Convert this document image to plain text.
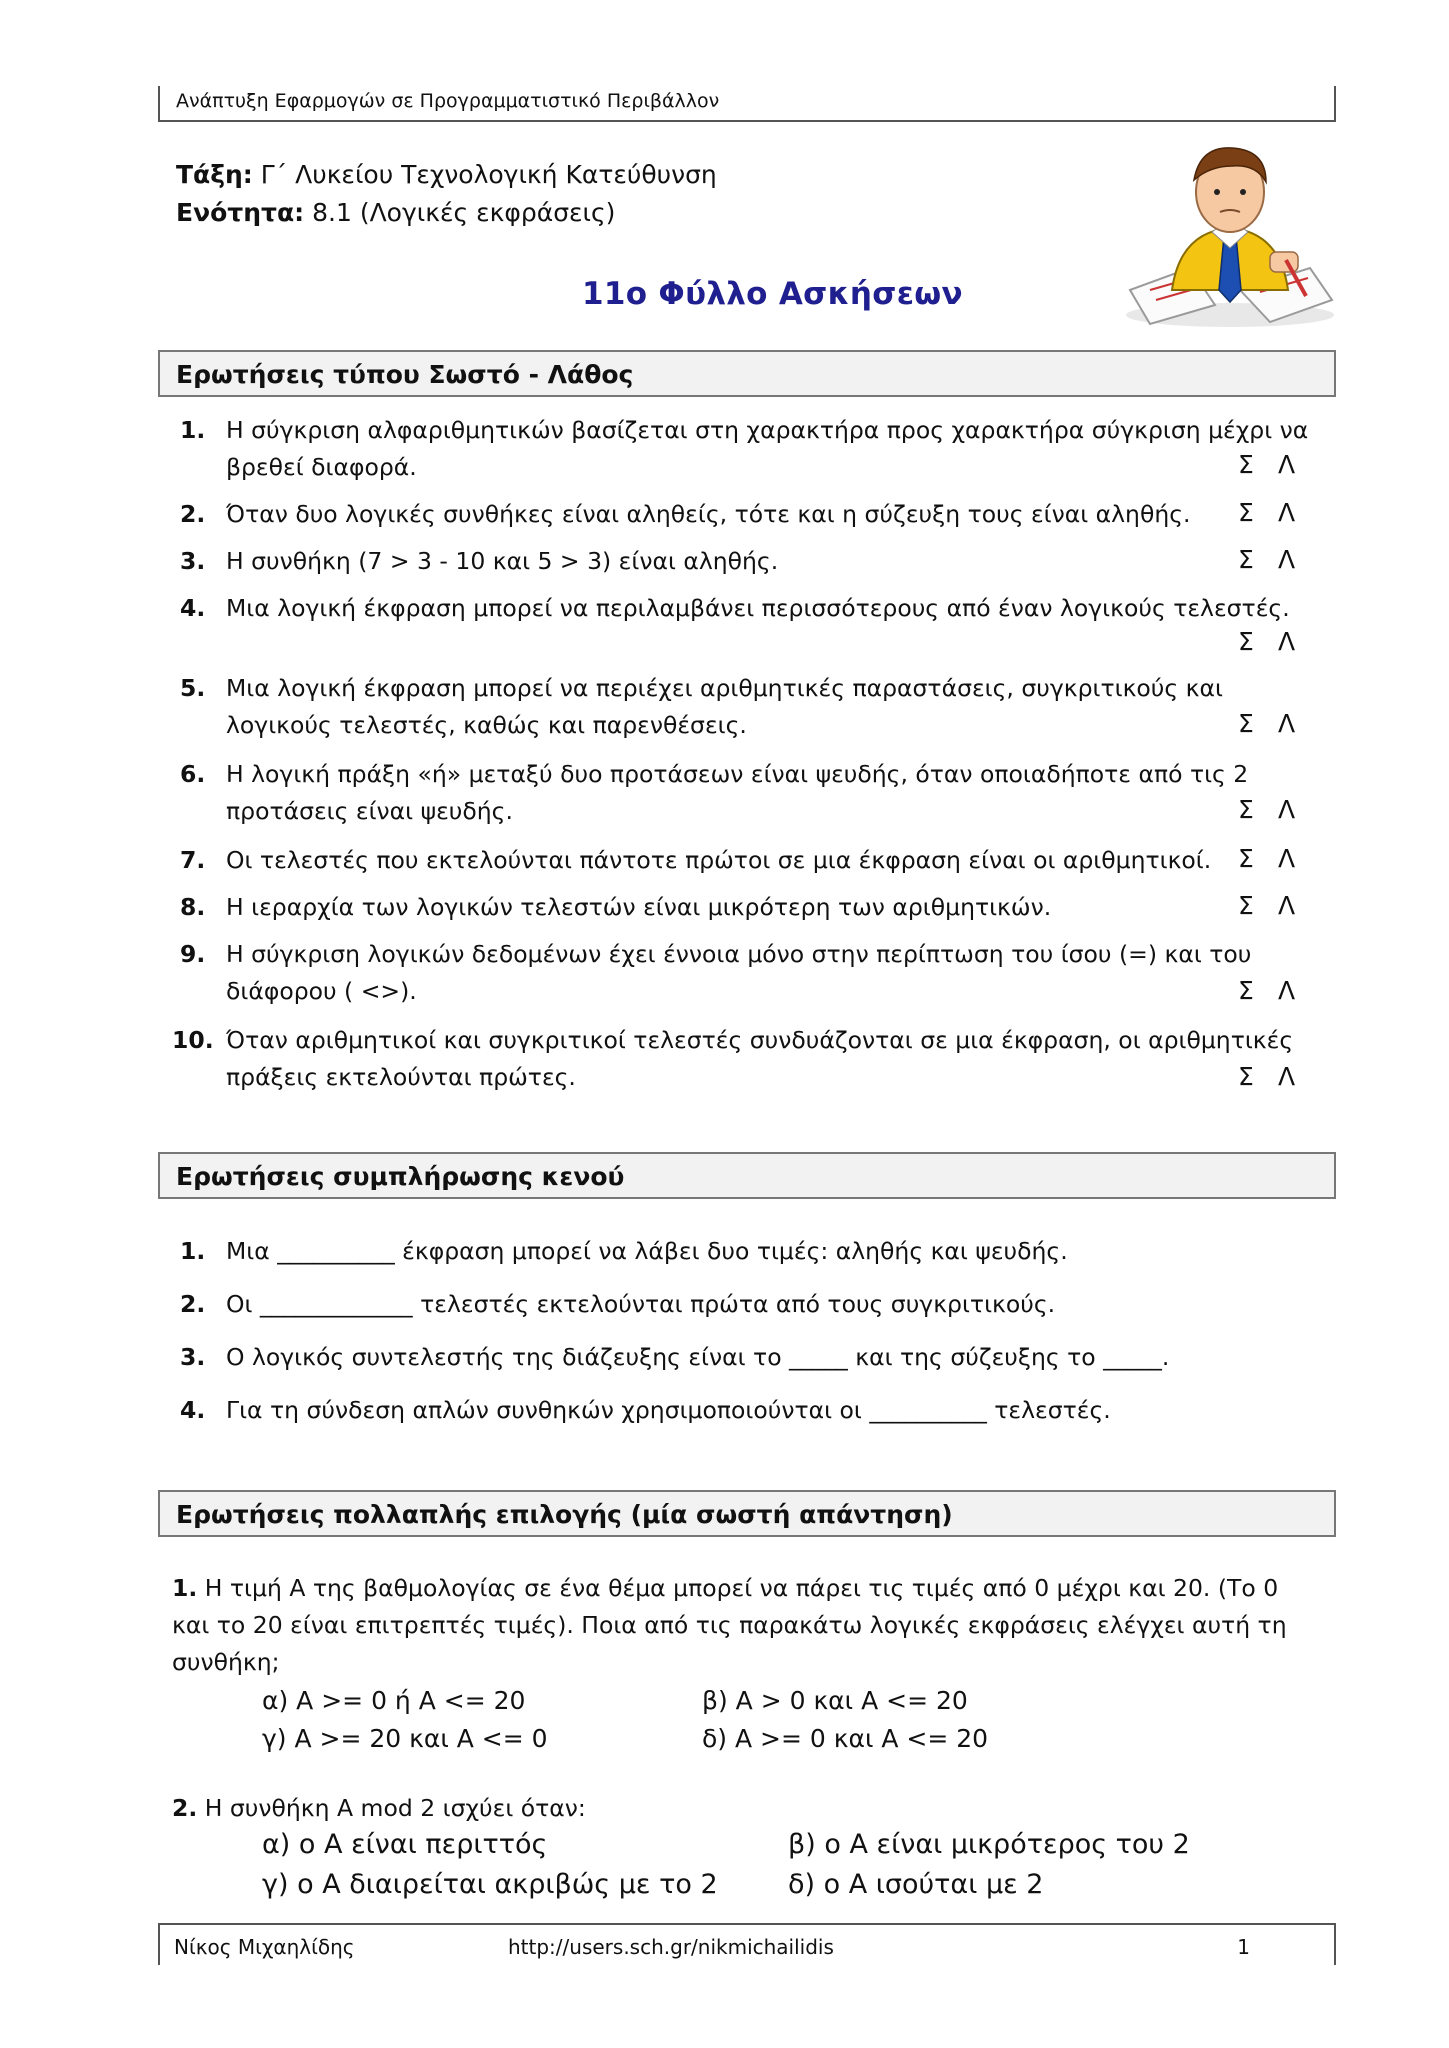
Ανάπτυξη Εφαρμογών σε Προγραμματιστικό Περιβάλλον
Τάξη: Γ΄ Λυκείου Τεχνολογική Κατεύθυνση
Ενότητα: 8.1 (Λογικές εκφράσεις)
11ο Φύλλο Ασκήσεων
Ερωτήσεις τύπου Σωστό - Λάθος
1. Η σύγκριση αλφαριθμητικών βασίζεται στη χαρακτήρα προς χαρακτήρα σύγκριση μέχρι να
βρεθεί διαφορά.	Σ Λ
2. Όταν δυο λογικές συνθήκες είναι αληθείς, τότε και η σύζευξη τους είναι αληθής.	Σ Λ
3. Η συνθήκη (7 > 3 - 10 και 5 > 3) είναι αληθής.	Σ Λ
4. Μια λογική έκφραση μπορεί να περιλαμβάνει περισσότερους από έναν λογικούς τελεστές.
Σ Λ
5. Μια λογική έκφραση μπορεί να περιέχει αριθμητικές παραστάσεις, συγκριτικούς και
λογικούς τελεστές, καθώς και παρενθέσεις.	Σ Λ
6. Η λογική πράξη «ή» μεταξύ δυο προτάσεων είναι ψευδής, όταν οποιαδήποτε από τις 2
προτάσεις είναι ψευδής.	Σ Λ
7. Οι τελεστές που εκτελούνται πάντοτε πρώτοι σε μια έκφραση είναι οι αριθμητικοί.	Σ Λ
8. Η ιεραρχία των λογικών τελεστών είναι μικρότερη των αριθμητικών.	Σ Λ
9. Η σύγκριση λογικών δεδομένων έχει έννοια μόνο στην περίπτωση του ίσου (=) και του
διάφορου ( <>).	Σ Λ
10. Όταν αριθμητικοί και συγκριτικοί τελεστές συνδυάζονται σε μια έκφραση, οι αριθμητικές
πράξεις εκτελούνται πρώτες.	Σ Λ
Ερωτήσεις συμπλήρωσης κενού
1. Μια __________ έκφραση μπορεί να λάβει δυο τιμές: αληθής και ψευδής.
2. Οι _____________ τελεστές εκτελούνται πρώτα από τους συγκριτικούς.
3. Ο λογικός συντελεστής της διάζευξης είναι το _____ και της σύζευξης το _____.
4. Για τη σύνδεση απλών συνθηκών χρησιμοποιούνται οι __________ τελεστές.
Ερωτήσεις πολλαπλής επιλογής (μία σωστή απάντηση)
1. Η τιμή Α της βαθμολογίας σε ένα θέμα μπορεί να πάρει τις τιμές από 0 μέχρι και 20. (Το 0
και το 20 είναι επιτρεπτές τιμές). Ποια από τις παρακάτω λογικές εκφράσεις ελέγχει αυτή τη
συνθήκη;
α) Α >= 0 ή Α <= 20	β) Α > 0 και Α <= 20
γ) Α >= 20 και Α <= 0	δ) Α >= 0 και Α <= 20
2. Η συνθήκη Α mod 2 ισχύει όταν:
α) ο Α είναι περιττός	β) ο Α είναι μικρότερος του 2
γ) ο Α διαιρείται ακριβώς με το 2	δ) ο Α ισούται με 2
Νίκος Μιχαηλίδης	http://users.sch.gr/nikmichailidis	1
